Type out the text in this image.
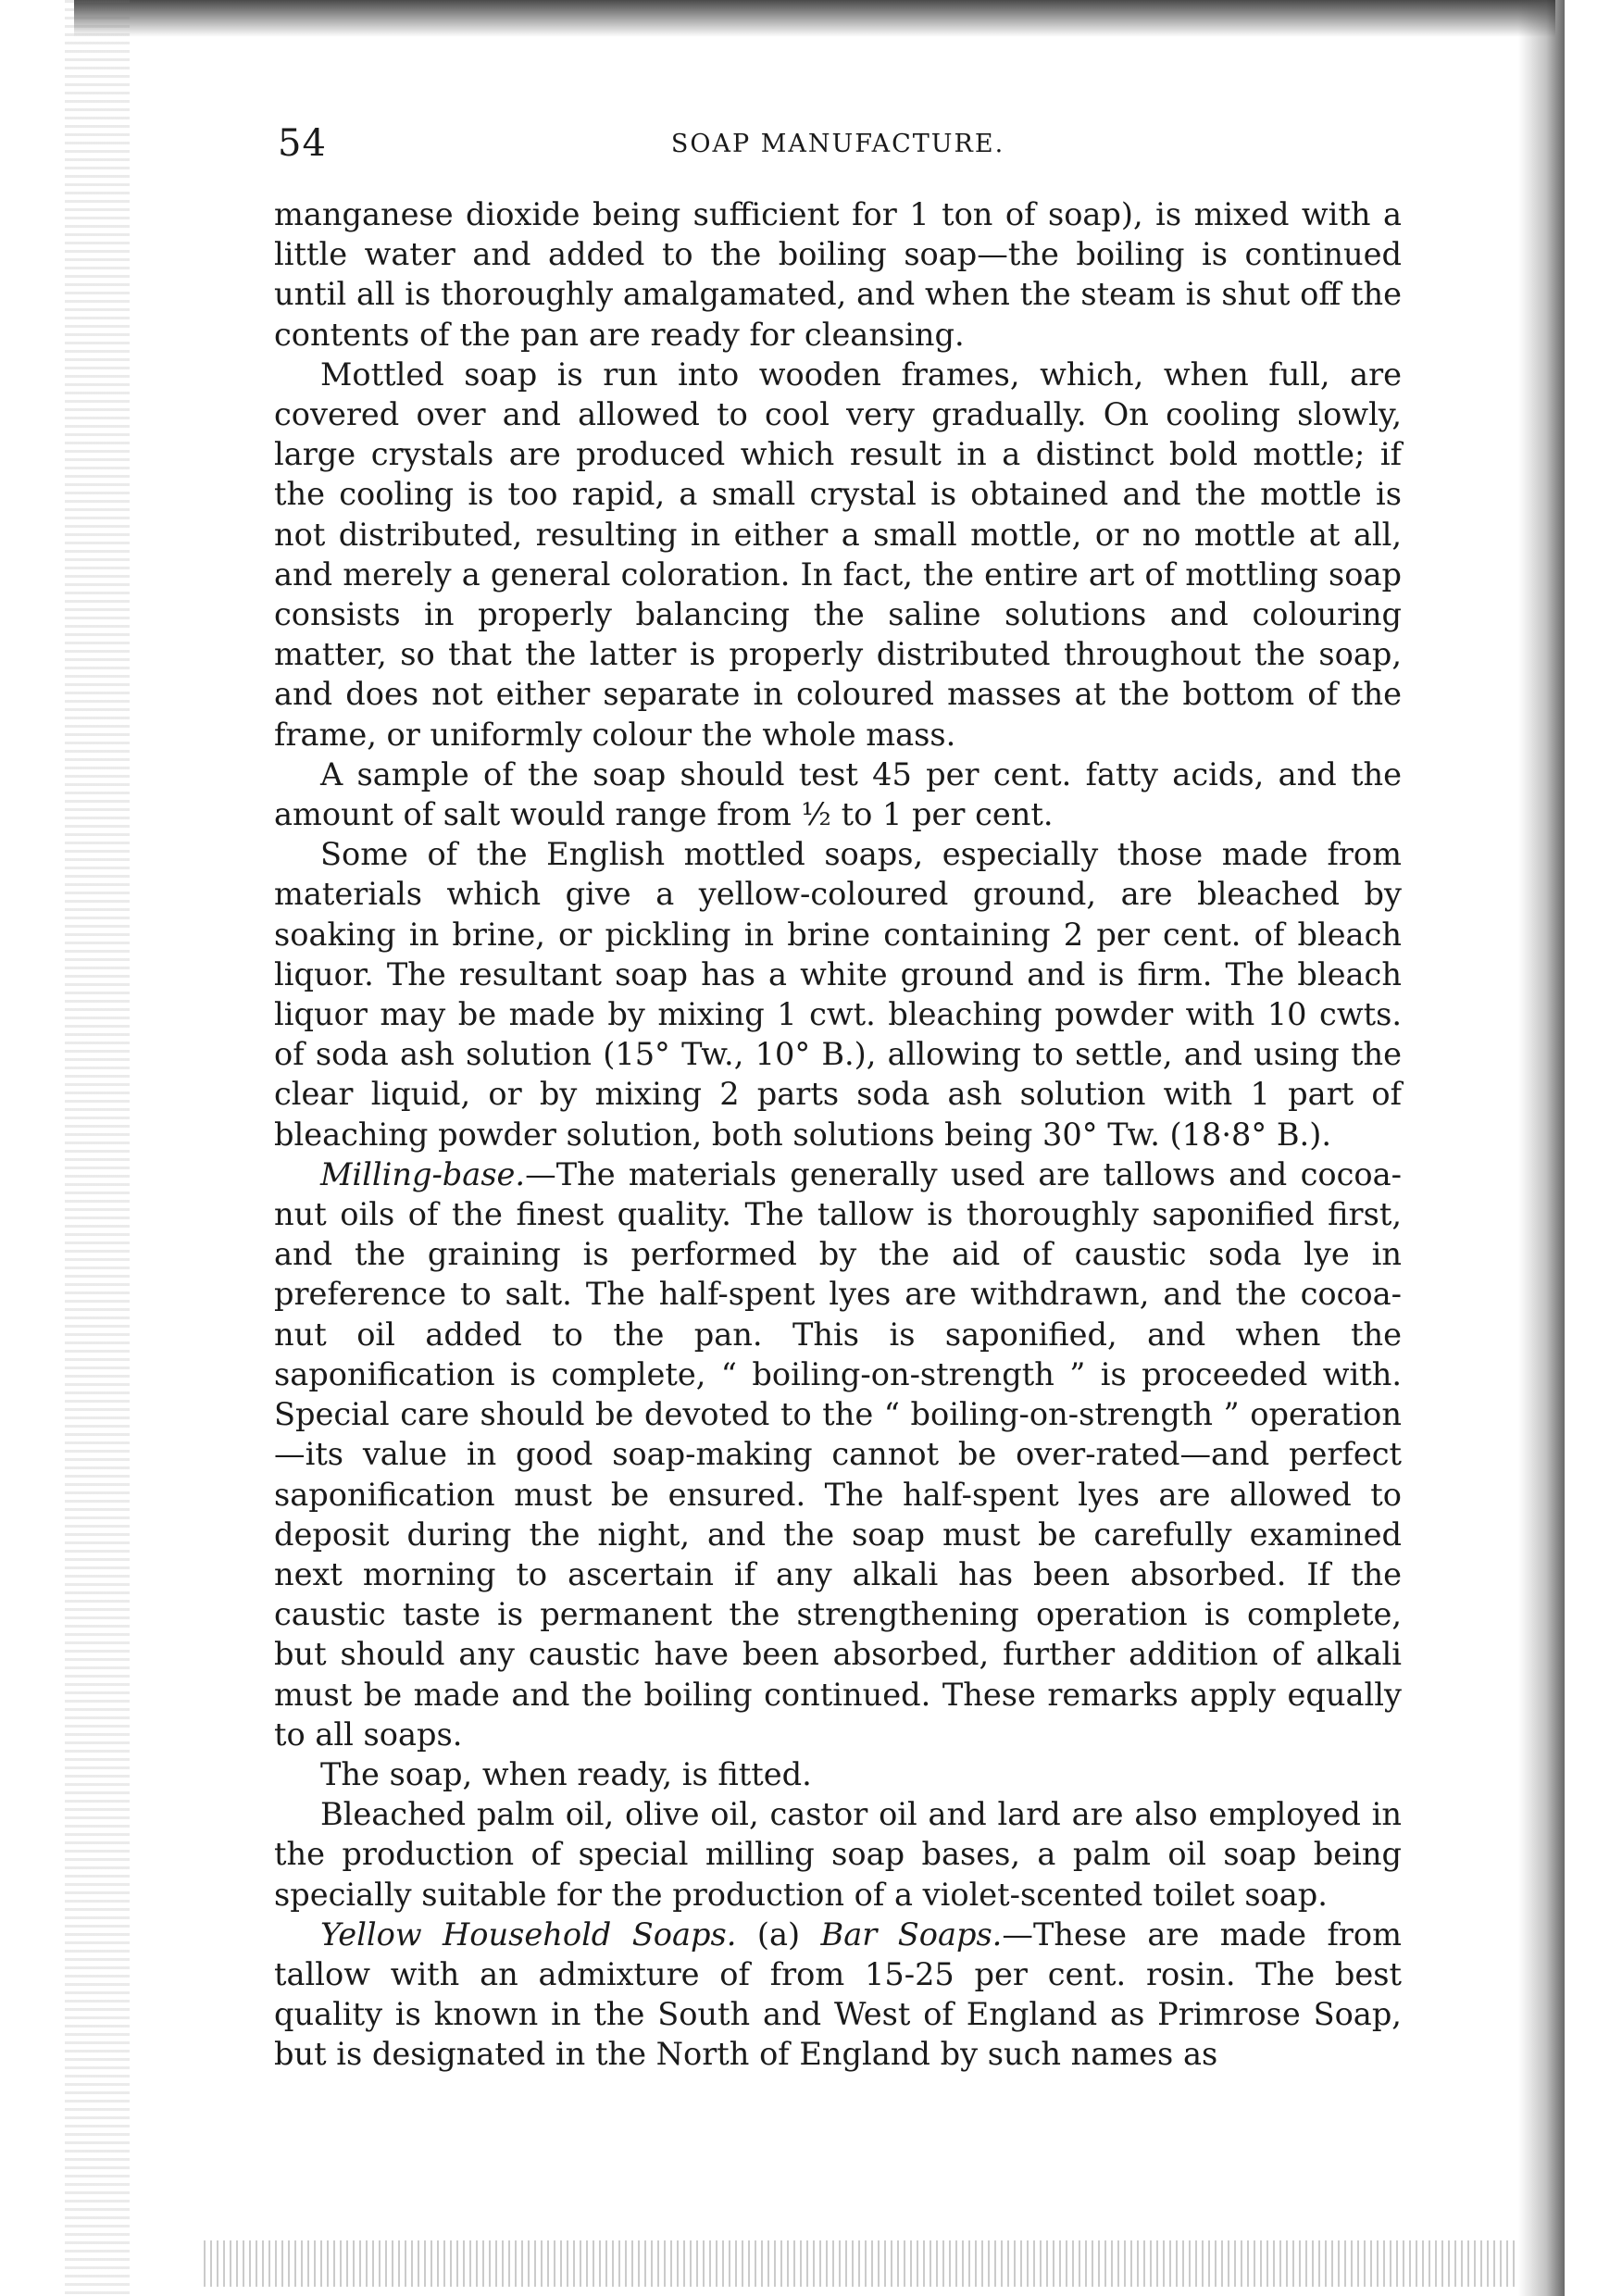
54	SOAP MANUFACTURE.

manganese dioxide being sufficient for 1 ton of soap), is mixed with a little water and added to the boiling soap—the boiling is continued until all is thoroughly amalgamated, and when the steam is shut off the contents of the pan are ready for cleansing.

Mottled soap is run into wooden frames, which, when full, are covered over and allowed to cool very gradually. On cooling slowly, large crystals are produced which result in a distinct bold mottle; if the cooling is too rapid, a small crystal is obtained and the mottle is not distributed, resulting in either a small mottle, or no mottle at all, and merely a general coloration. In fact, the entire art of mottling soap consists in properly balancing the saline solutions and colouring matter, so that the latter is properly distributed throughout the soap, and does not either separate in coloured masses at the bottom of the frame, or uniformly colour the whole mass.

A sample of the soap should test 45 per cent. fatty acids, and the amount of salt would range from ½ to 1 per cent.

Some of the English mottled soaps, especially those made from materials which give a yellow-coloured ground, are bleached by soaking in brine, or pickling in brine containing 2 per cent. of bleach liquor. The resultant soap has a white ground and is firm. The bleach liquor may be made by mixing 1 cwt. bleaching powder with 10 cwts. of soda ash solution (15° Tw., 10° B.), allowing to settle, and using the clear liquid, or by mixing 2 parts soda ash solution with 1 part of bleaching powder solution, both solutions being 30° Tw. (18·8° B.).

Milling-base.—The materials generally used are tallows and cocoa-nut oils of the finest quality. The tallow is thoroughly saponified first, and the graining is performed by the aid of caustic soda lye in preference to salt. The half-spent lyes are withdrawn, and the cocoa-nut oil added to the pan. This is saponified, and when the saponification is complete, “ boiling-on-strength ” is proceeded with. Special care should be devoted to the “ boiling-on-strength ” operation—its value in good soap-making cannot be over-rated—and perfect saponification must be ensured. The half-spent lyes are allowed to deposit during the night, and the soap must be carefully examined next morning to ascertain if any alkali has been absorbed. If the caustic taste is permanent the strengthening operation is complete, but should any caustic have been absorbed, further addition of alkali must be made and the boiling continued. These remarks apply equally to all soaps.

The soap, when ready, is fitted.

Bleached palm oil, olive oil, castor oil and lard are also employed in the production of special milling soap bases, a palm oil soap being specially suitable for the production of a violet-scented toilet soap.

Yellow Household Soaps. (a) Bar Soaps.—These are made from tallow with an admixture of from 15-25 per cent. rosin. The best quality is known in the South and West of England as Primrose Soap, but is designated in the North of England by such names as
